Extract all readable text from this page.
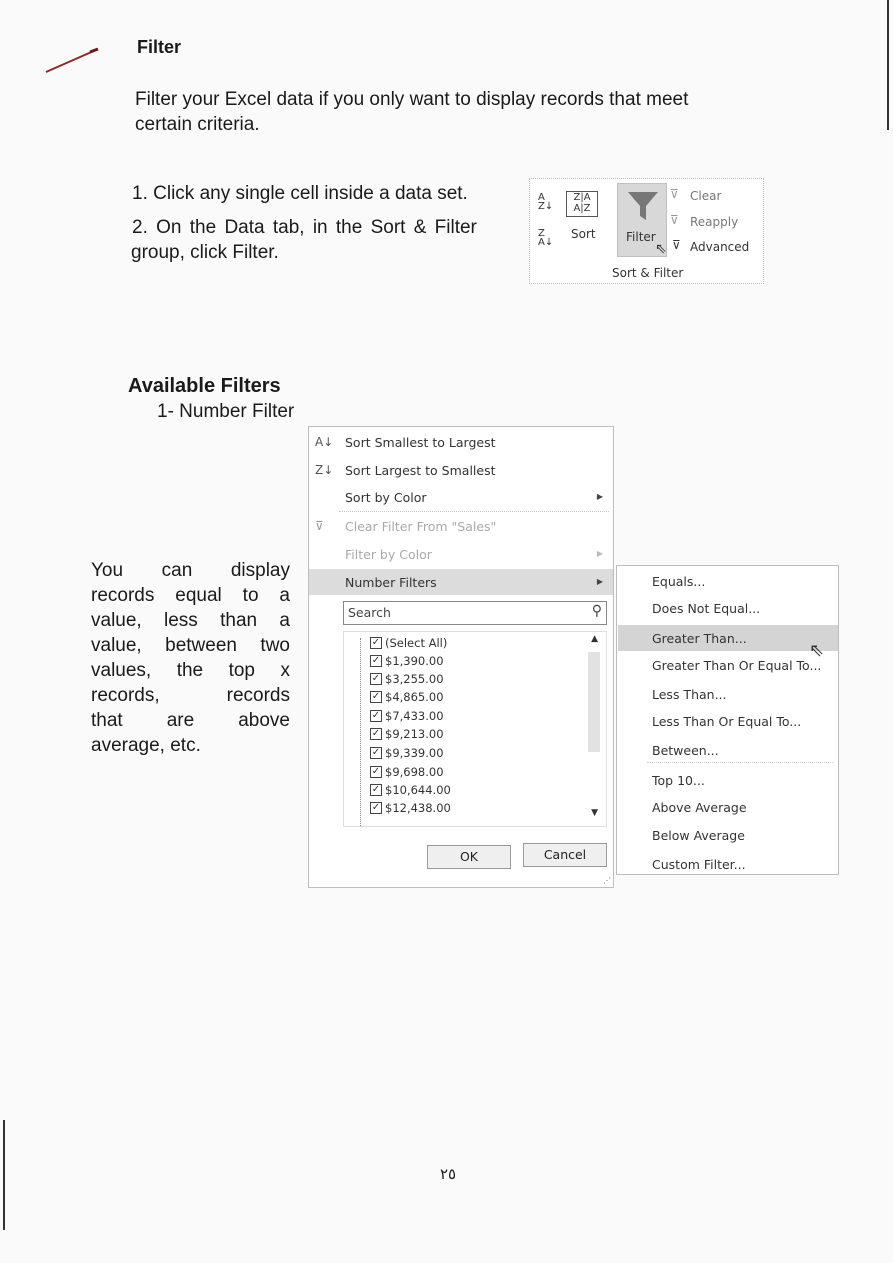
Filter
Filter your Excel data if you only want to display records that meet
certain criteria.
1. Click any single cell inside a data set.
2. On the Data tab, in the Sort & Filter
group, click Filter.
A
Z↓
Z
A↓
Z|A
A|Z
Sort	Filter
⇖
⊽ Clear
⊽ Reapply
⊽ Advanced
Sort & Filter
Available Filters
1- Number Filter
You can display
records equal to a
value, less than a
value, between two
values, the top x
records, records
that are above
average, etc.
A↓ Sort Smallest to Largest
Z↓ Sort Largest to Smallest
Sort by Color	▶
⊽ Clear Filter From "Sales"
Filter by Color	▶
Number Filters	▶
Search	⚲
✓ (Select All)
✓ $1,390.00
✓ $3,255.00
✓ $4,865.00
✓ $7,433.00
✓ $9,213.00
✓ $9,339.00
✓ $9,698.00
✓ $10,644.00
✓ $12,438.00
▲
▼
OK	Cancel
⋰
Equals...
Does Not Equal...
Greater Than...
⇖
Greater Than Or Equal To...
Less Than...
Less Than Or Equal To...
Between...
Top 10...
Above Average
Below Average
Custom Filter...
٢٥
